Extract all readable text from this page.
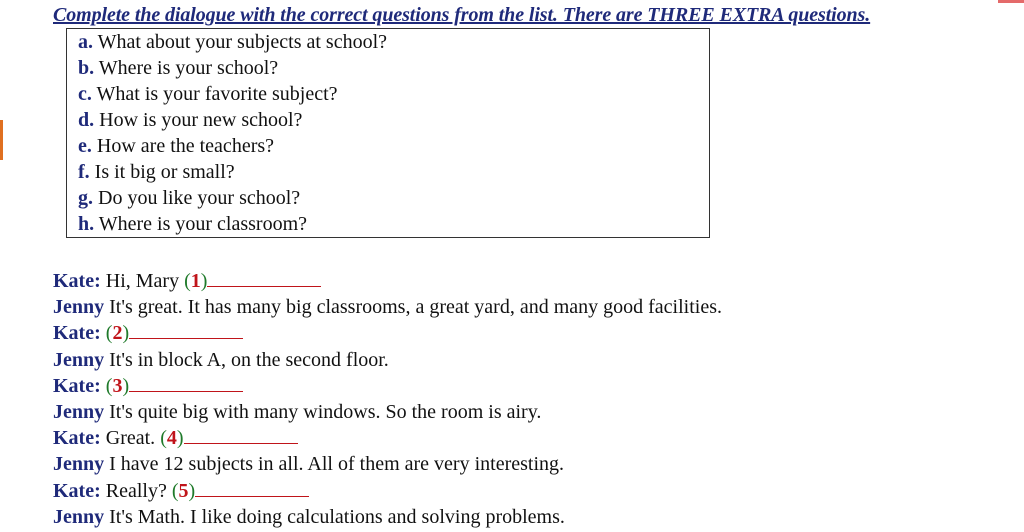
Complete the dialogue with the correct questions from the list. There are THREE EXTRA questions.
a. What about your subjects at school?
b. Where is your school?
c. What is your favorite subject?
d. How is your new school?
e. How are the teachers?
f. Is it big or small?
g. Do you like your school?
h. Where is your classroom?
Kate: Hi, Mary (1)
Jenny It's great. It has many big classrooms, a great yard, and many good facilities.
Kate: (2)
Jenny It's in block A, on the second floor.
Kate: (3)
Jenny It's quite big with many windows. So the room is airy.
Kate: Great. (4)
Jenny I have 12 subjects in all. All of them are very interesting.
Kate: Really? (5)
Jenny It's Math. I like doing calculations and solving problems.
